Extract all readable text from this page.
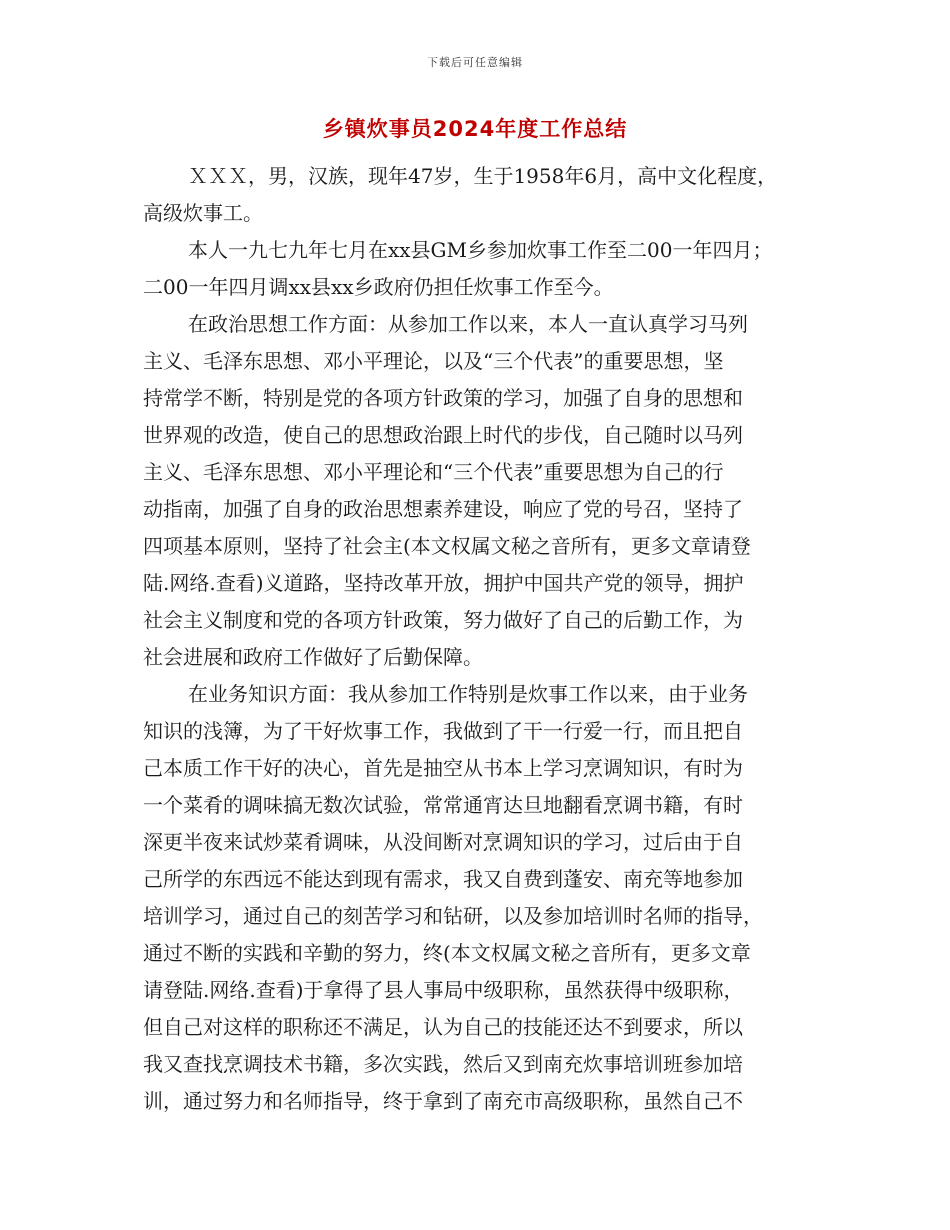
下载后可任意编辑
乡镇炊事员2024年度工作总结
ＸＸＸ，男，汉族，现年47岁，生于1958年6月，高中文化程度，
高级炊事工。
本人一九七九年七月在xx县GM乡参加炊事工作至二00一年四月；
二00一年四月调xx县xx乡政府仍担任炊事工作至今。
在政治思想工作方面：从参加工作以来，本人一直认真学习马列
主义、毛泽东思想、邓小平理论，以及“三个代表”的重要思想，坚
持常学不断，特别是党的各项方针政策的学习，加强了自身的思想和
世界观的改造，使自己的思想政治跟上时代的步伐，自己随时以马列
主义、毛泽东思想、邓小平理论和“三个代表”重要思想为自己的行
动指南，加强了自身的政治思想素养建设，响应了党的号召，坚持了
四项基本原则，坚持了社会主(本文权属文秘之音所有，更多文章请登
陆.网络.查看)义道路，坚持改革开放，拥护中国共产党的领导，拥护
社会主义制度和党的各项方针政策，努力做好了自己的后勤工作，为
社会进展和政府工作做好了后勤保障。
在业务知识方面：我从参加工作特别是炊事工作以来，由于业务
知识的浅簿，为了干好炊事工作，我做到了干一行爱一行，而且把自
己本质工作干好的决心，首先是抽空从书本上学习烹调知识，有时为
一个菜肴的调味搞无数次试验，常常通宵达旦地翻看烹调书籍，有时
深更半夜来试炒菜肴调味，从没间断对烹调知识的学习，过后由于自
己所学的东西远不能达到现有需求，我又自费到蓬安、南充等地参加
培训学习，通过自己的刻苦学习和钻研，以及参加培训时名师的指导，
通过不断的实践和辛勤的努力，终(本文权属文秘之音所有，更多文章
请登陆.网络.查看)于拿得了县人事局中级职称，虽然获得中级职称，
但自己对这样的职称还不满足，认为自己的技能还达不到要求，所以
我又查找烹调技术书籍，多次实践，然后又到南充炊事培训班参加培
训，通过努力和名师指导，终于拿到了南充市高级职称，虽然自己不
